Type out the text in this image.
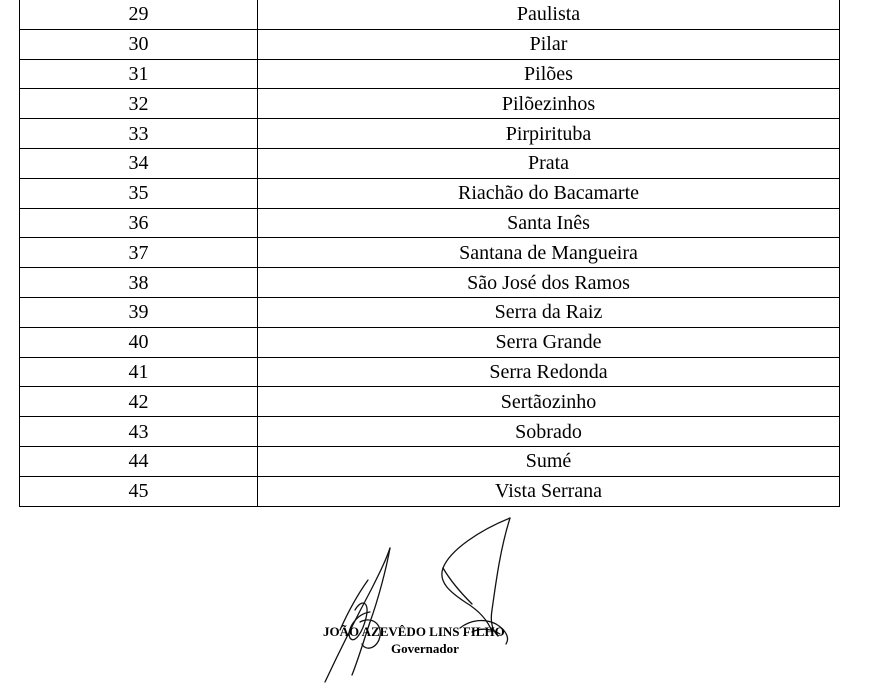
29	Paulista
30	Pilar
31	Pilões
32	Pilõezinhos
33	Pirpirituba
34	Prata
35	Riachão do Bacamarte
36	Santa Inês
37	Santana de Mangueira
38	São José dos Ramos
39	Serra da Raiz
40	Serra Grande
41	Serra Redonda
42	Sertãozinho
43	Sobrado
44	Sumé
45	Vista Serrana
JOÃO AZEVÊDO LINS FILHO
Governador
